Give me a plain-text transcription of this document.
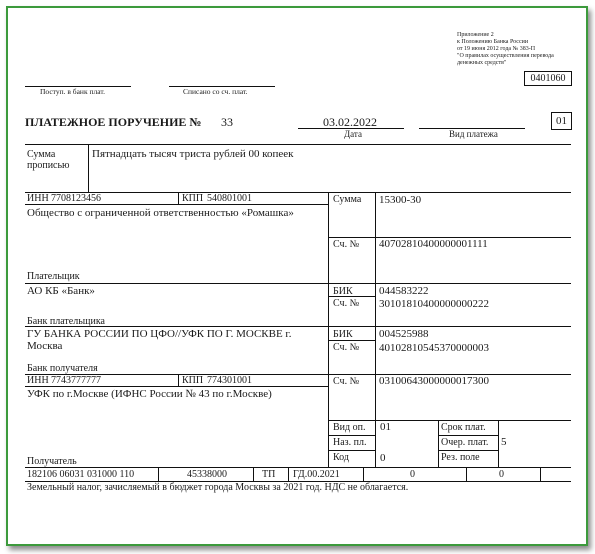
Приложение 2
к Положению Банка России
от 19 июня 2012 года № 383-П
"О правилах осуществления перевода
денежных средств"
0401060
Поступ. в банк плат.	Списано со сч. плат.
ПЛАТЕЖНОЕ ПОРУЧЕНИЕ № 33	03.02.2022
Дата	Вид платежа
01
Сумма
прописью
Пятнадцать тысяч триста рублей 00 копеек
ИНН 7708123456	КПП 540801001
Общество с ограниченной ответственностью «Ромашка»
Сумма 15300-30
Сч. № 40702810400000001111
Плательщик
АО КБ «Банк»	БИК 044583222
Сч. № 30101810400000000222
Банк плательщика
ГУ БАНКА РОССИИ ПО ЦФО//УФК ПО Г. МОСКВЕ г.
Москва
БИК 004525988
Сч. № 40102810545370000003
Банк получателя
ИНН 7743777777	КПП 774301001
УФК по г.Москве (ИФНС России № 43 по г.Москве)
Сч. № 03100643000000017300
Вид оп. 01	Срок плат.
Наз. пл.	Очер. плат. 5
Код	0	Рез. поле
Получатель
182106 06031 031000 110	45338000	ТП ГД.00.2021	0	0
Земельный налог, зачисляемый в бюджет города Москвы за 2021 год. НДС не облагается.
